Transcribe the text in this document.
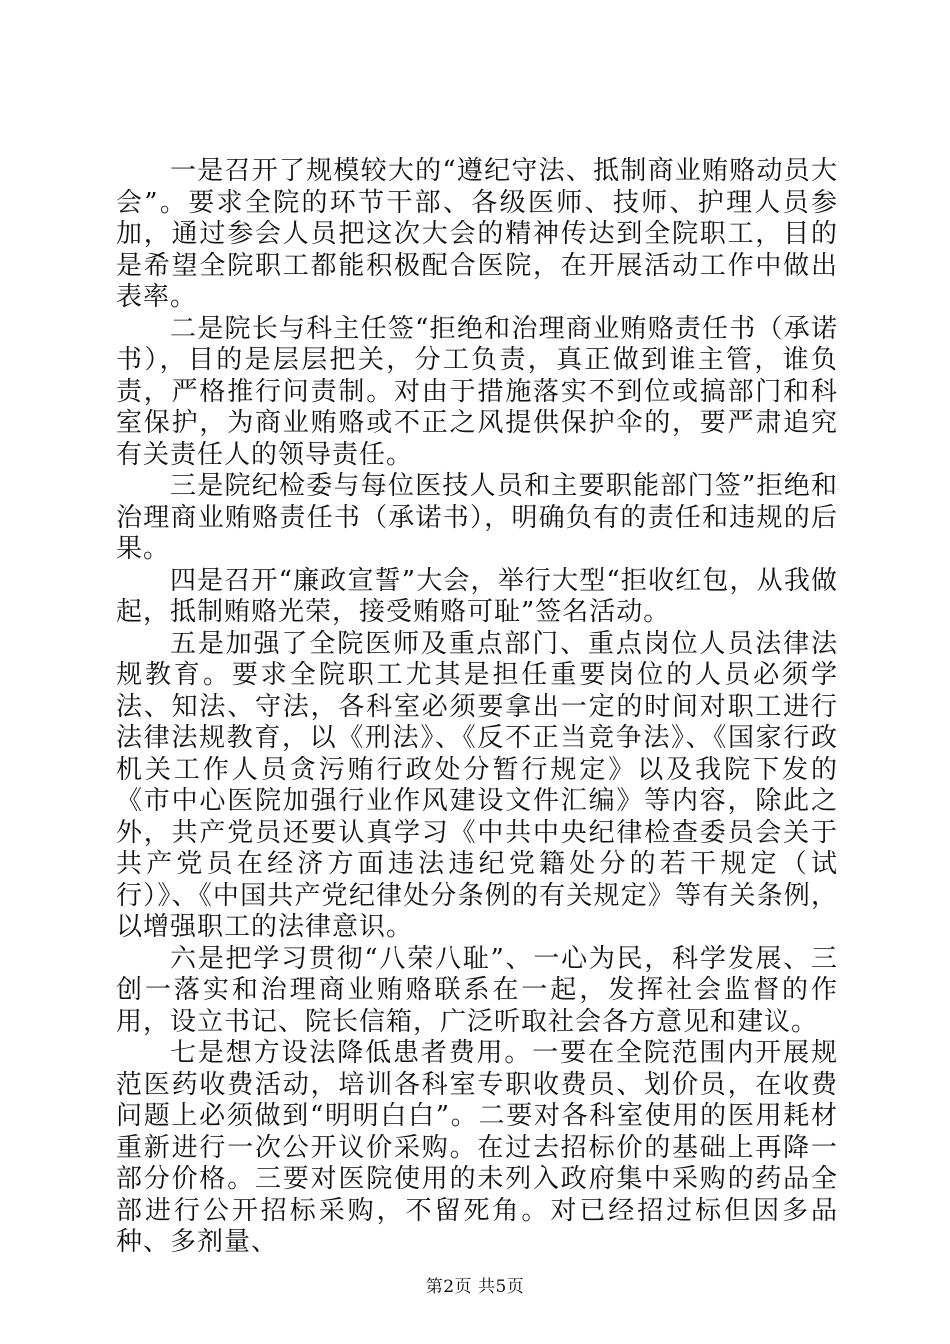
一是召开了规模较大的“遵纪守法、抵制商业贿赂动员大会”。要求全院的环节干部、各级医师、技师、护理人员参加，通过参会人员把这次大会的精神传达到全院职工，目的是希望全院职工都能积极配合医院，在开展活动工作中做出表率。

二是院长与科主任签“拒绝和治理商业贿赂责任书（承诺书），目的是层层把关，分工负责，真正做到谁主管，谁负责，严格推行问责制。对由于措施落实不到位或搞部门和科室保护，为商业贿赂或不正之风提供保护伞的，要严肃追究有关责任人的领导责任。

三是院纪检委与每位医技人员和主要职能部门签”拒绝和治理商业贿赂责任书（承诺书），明确负有的责任和违规的后果。

四是召开“廉政宣誓”大会，举行大型“拒收红包，从我做起，抵制贿赂光荣，接受贿赂可耻”签名活动。

五是加强了全院医师及重点部门、重点岗位人员法律法规教育。要求全院职工尤其是担任重要岗位的人员必须学法、知法、守法，各科室必须要拿出一定的时间对职工进行法律法规教育，以《刑法》、《反不正当竞争法》、《国家行政机关工作人员贪污贿行政处分暂行规定》以及我院下发的《市中心医院加强行业作风建设文件汇编》等内容，除此之外，共产党员还要认真学习《中共中央纪律检查委员会关于共产党员在经济方面违法违纪党籍处分的若干规定（试行）》、《中国共产党纪律处分条例的有关规定》等有关条例，以增强职工的法律意识。

六是把学习贯彻“八荣八耻”、一心为民，科学发展、三创一落实和治理商业贿赂联系在一起，发挥社会监督的作用，设立书记、院长信箱，广泛听取社会各方意见和建议。

七是想方设法降低患者费用。一要在全院范围内开展规范医药收费活动，培训各科室专职收费员、划价员，在收费问题上必须做到“明明白白”。二要对各科室使用的医用耗材重新进行一次公开议价采购。在过去招标价的基础上再降一部分价格。三要对医院使用的未列入政府集中采购的药品全部进行公开招标采购，不留死角。对已经招过标但因多品种、多剂量、

第2页 共5页
